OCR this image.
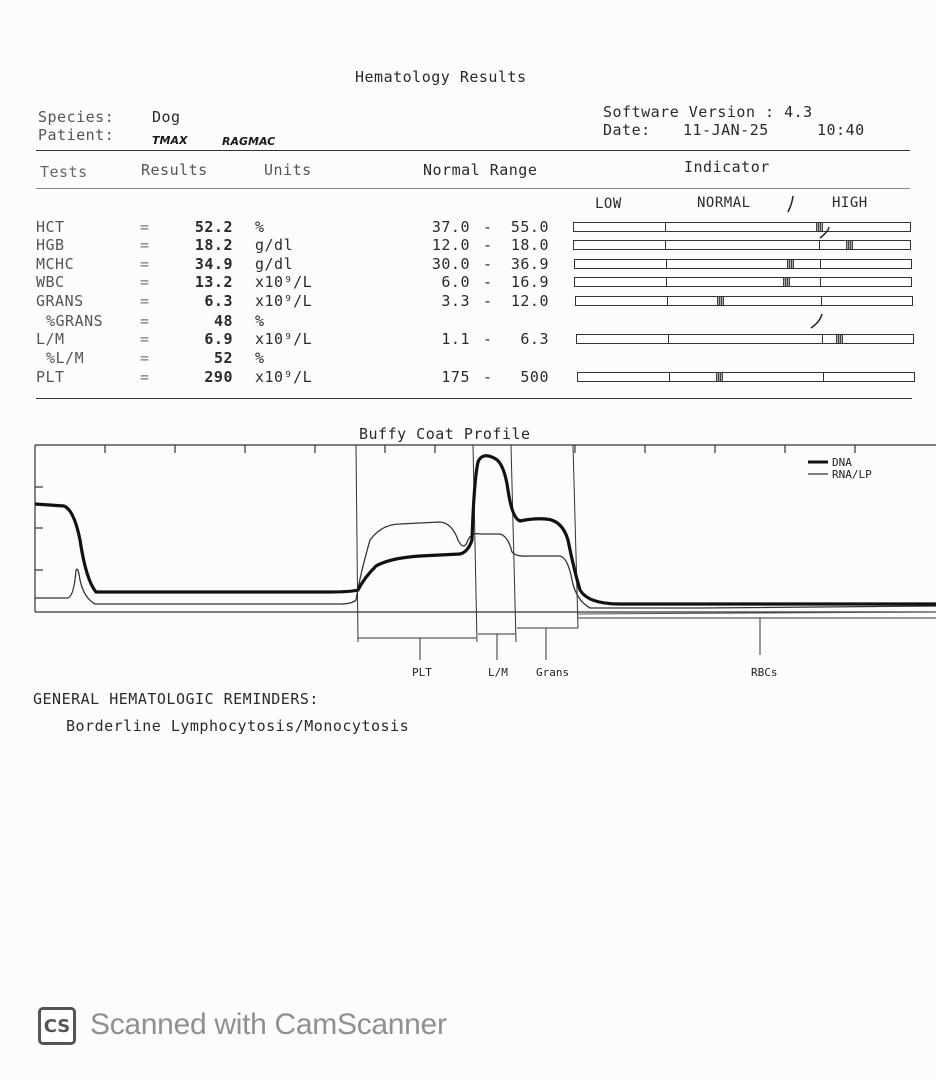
Hematology Results
Species:	Dog
Patient:	TMAX	RAGMAC
Software Version : 4.3
Date: 11-JAN-25	10:40
Tests	Results	Units	Normal Range	Indicator
LOW	NORMAL	HIGH
HCT	=	52.2 %	37.0 - 55.0
HGB	=	18.2 g/dl	12.0 - 18.0
MCHC	=	34.9 g/dl	30.0 - 36.9
WBC	=	13.2 x10⁹/L	6.0 - 16.9
GRANS	=	6.3 x10⁹/L	3.3 - 12.0
%GRANS =	48 %
L/M	=	6.9 x10⁹/L	1.1 - 6.3
%L/M	=	52 %
PLT	=	290 x10⁹/L	175 - 500
Buffy Coat Profile
DNA
RNA/LP
PLT	L/M	Grans	RBCs
GENERAL HEMATOLOGIC REMINDERS:
Borderline Lymphocytosis/Monocytosis
CS Scanned with CamScanner
